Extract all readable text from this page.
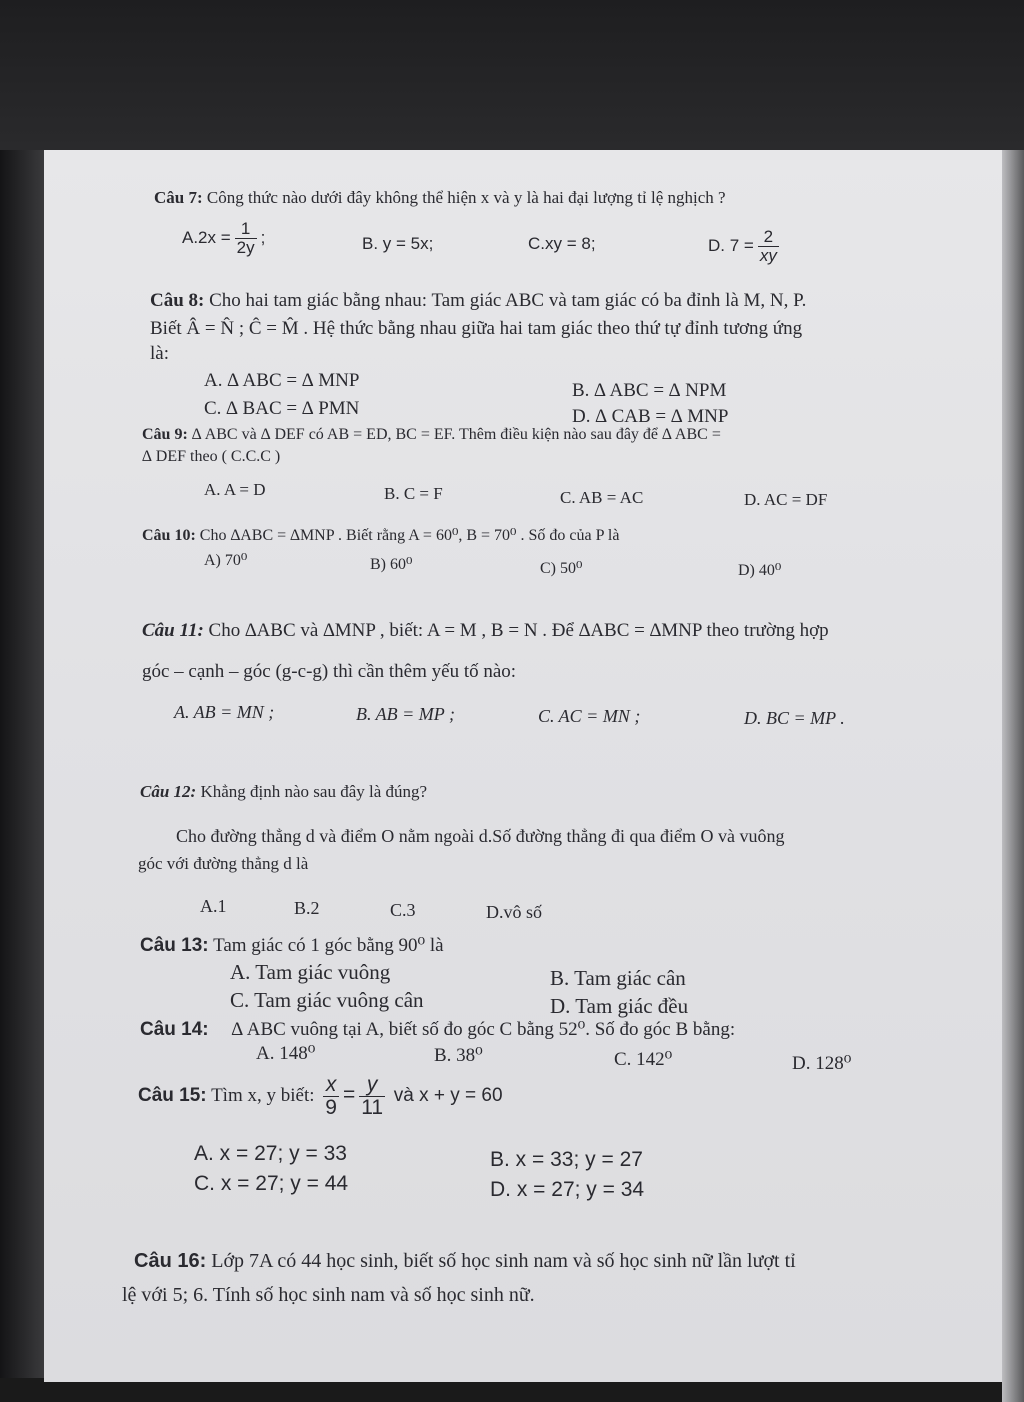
Câu 7: Công thức nào dưới đây không thể hiện x và y là hai đại lượng tỉ lệ nghịch ?
$A.2x = \frac{1}{2y}$ ;	B. y = 5x;	C.xy = 8;	D. $7 = \frac{2}{xy}$
Câu 8: Cho hai tam giác bằng nhau: Tam giác ABC và tam giác có ba đỉnh là M, N, P.
Biết Â = N̂ ; Ĉ = M̂ . Hệ thức bằng nhau giữa hai tam giác theo thứ tự đỉnh tương ứng
là:
A. ∆ ABC = ∆ MNP	B. ∆ ABC = ∆ NPM
C. ∆ BAC = ∆ PMN	D. ∆ CAB = ∆ MNP
Câu 9: ∆ ABC và ∆ DEF có AB = ED, BC = EF. Thêm điều kiện nào sau đây để ∆ ABC =
∆ DEF theo ( C.C.C )
A. A = D	B. C = F	C. AB = AC	D. AC = DF
Câu 10: Cho ∆ABC = ∆MNP . Biết rằng A = 60⁰, B = 70⁰ . Số đo của P là
A) 70⁰	B) 60⁰	C) 50⁰	D) 40⁰
Câu 11: Cho ∆ABC và ∆MNP , biết: A = M , B = N . Để ∆ABC = ∆MNP theo trường hợp
góc – cạnh – góc (g-c-g) thì cần thêm yếu tố nào:
A. AB = MN ;	B. AB = MP ;	C. AC = MN ;	D. BC = MP .
Câu 12: Khẳng định nào sau đây là đúng?
Cho đường thẳng d và điểm O nằm ngoài d.Số đường thẳng đi qua điểm O và vuông
góc với đường thẳng d là
A.1	B.2	C.3	D.vô số
Câu 13: Tam giác có 1 góc bằng 90⁰ là
A. Tam giác vuông	B. Tam giác cân
C. Tam giác vuông cân	D. Tam giác đều
Câu 14: ∆ ABC vuông tại A, biết số đo góc C bằng 52⁰. Số đo góc B bằng:
A. 148⁰	B. 38⁰	C. 142⁰	D. 128⁰
Câu 15: Tìm x, y biết: $\frac{x}{9} = \frac{y}{11}$ và x + y = 60
A. x = 27; y = 33	B. x = 33; y = 27
C. x = 27; y = 44	D. x = 27; y = 34
Câu 16: Lớp 7A có 44 học sinh, biết số học sinh nam và số học sinh nữ lần lượt tỉ
lệ với 5; 6. Tính số học sinh nam và số học sinh nữ.
